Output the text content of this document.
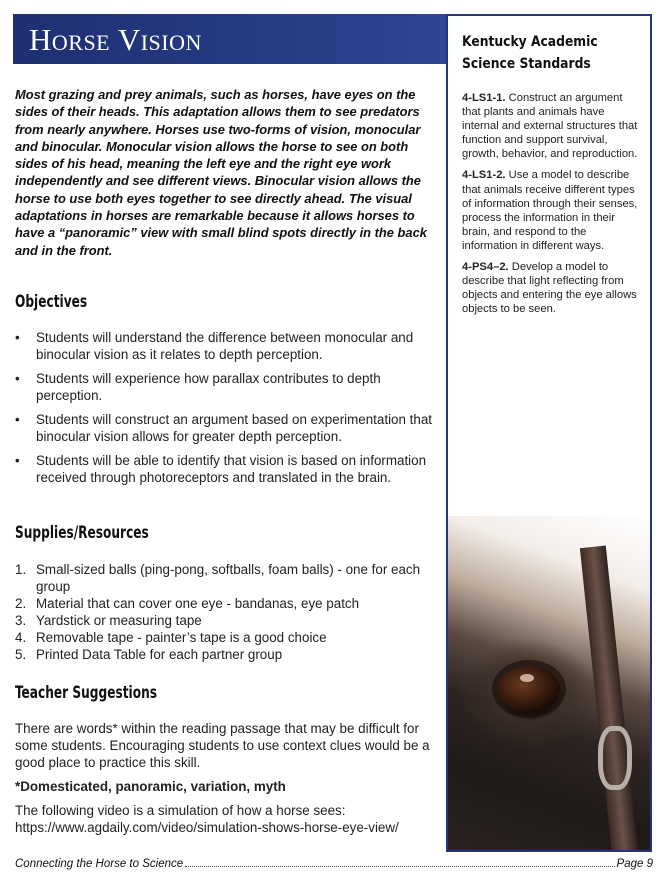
Horse Vision

Most grazing and prey animals, such as horses, have eyes on the sides of their heads. This adaptation allows them to see predators from nearly anywhere. Horses use two-forms of vision, monocular and binocular. Monocular vision allows the horse to see on both sides of his head, meaning the left eye and the right eye work independently and see different views. Binocular vision allows the horse to use both eyes together to see directly ahead. The visual adaptations in horses are remarkable because it allows horses to have a “panoramic” view with small blind spots directly in the back and in the front.

Objectives
• Students will understand the difference between monocular and binocular vision as it relates to depth perception.
• Students will experience how parallax contributes to depth perception.
• Students will construct an argument based on experimentation that binocular vision allows for greater depth perception.
• Students will be able to identify that vision is based on information received through photoreceptors and translated in the brain.
Supplies/Resources
1. Small-sized balls (ping-pong, softballs, foam balls) - one for each group
2. Material that can cover one eye - bandanas, eye patch
3. Yardstick or measuring tape
4. Removable tape - painter’s tape is a good choice
5. Printed Data Table for each partner group
Teacher Suggestions

There are words* within the reading passage that may be difficult for some students. Encouraging students to use context clues would be a good place to practice this skill.

*Domesticated, panoramic, variation, myth

The following video is a simulation of how a horse sees:

https://www.agdaily.com/video/simulation-shows-horse-eye-view/

Kentucky Academic Science Standards

4-LS1-1. Construct an argument that plants and animals have internal and external structures that function and support survival, growth, behavior, and reproduction.

4-LS1-2. Use a model to describe that animals receive different types of information through their senses, process the information in their brain, and respond to the information in different ways.

4-PS4–2. Develop a model to describe that light reflecting from objects and entering the eye allows objects to be seen.

Connecting the Horse to Science	Page 9
